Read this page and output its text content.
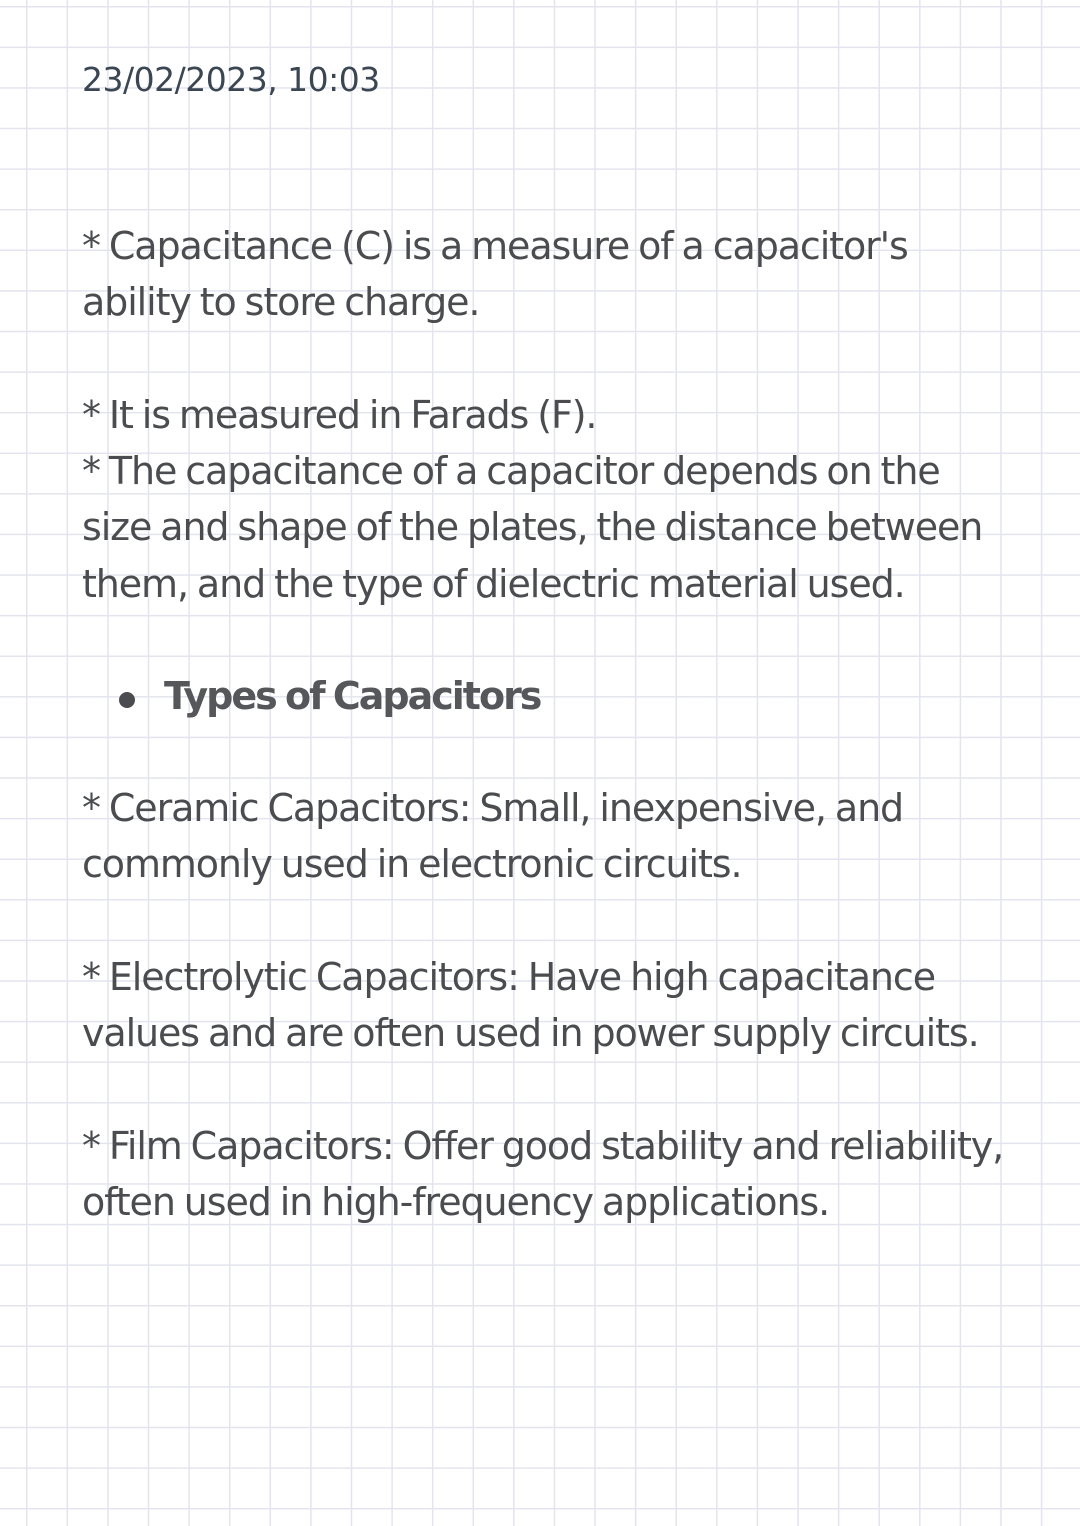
23/02/2023, 10:03

* Capacitance (C) is a measure of a capacitor's ability to store charge.

* It is measured in Farads (F).

* The capacitance of a capacitor depends on the size and shape of the plates, the distance between them, and the type of dielectric material used.

Types of Capacitors

* Ceramic Capacitors: Small, inexpensive, and commonly used in electronic circuits.

* Electrolytic Capacitors: Have high capacitance values and are often used in power supply circuits.

* Film Capacitors: Offer good stability and reliability, often used in high-frequency applications.
